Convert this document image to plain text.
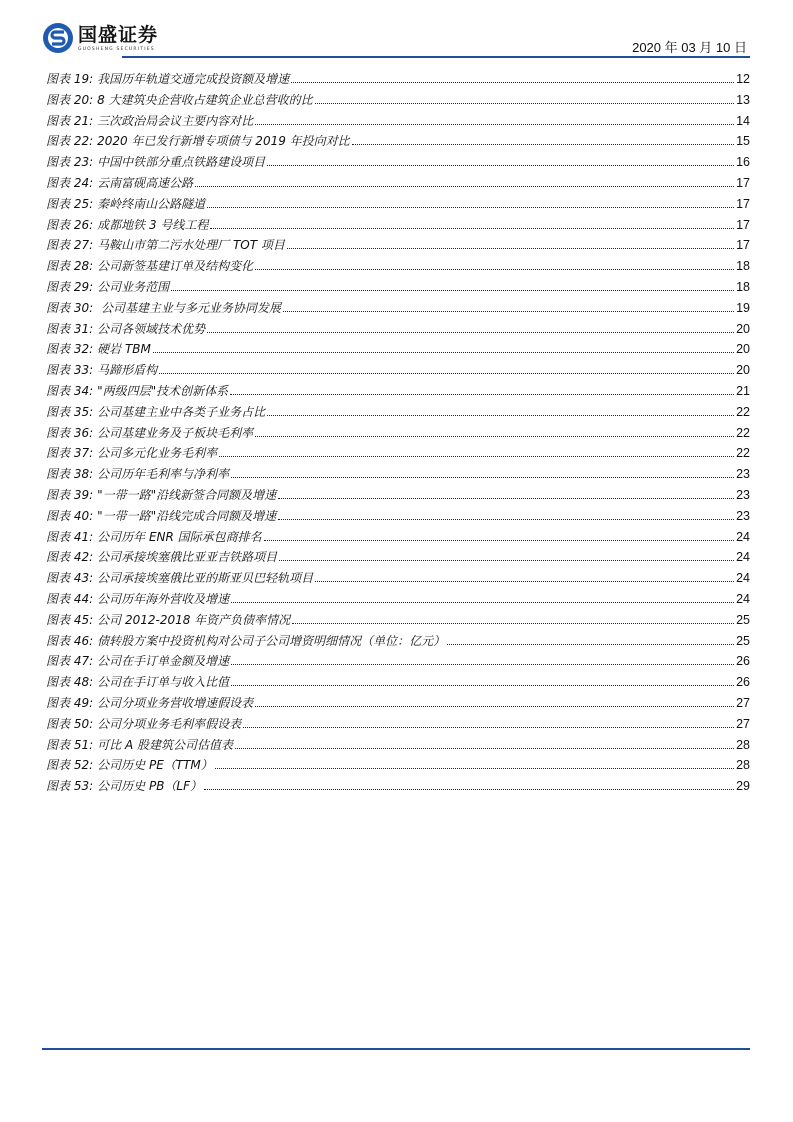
国盛证券
GUOSHENG SECURITIES	2020 年 03 月 10 日
图表 19: 我国历年轨道交通完成投资额及增速	12
图表 20: 8 大建筑央企营收占建筑企业总营收的比	13
图表 21: 三次政治局会议主要内容对比	14
图表 22: 2020 年已发行新增专项债与 2019 年投向对比	15
图表 23: 中国中铁部分重点铁路建设项目	16
图表 24: 云南富砚高速公路	17
图表 25: 秦岭终南山公路隧道	17
图表 26: 成都地铁 3 号线工程	17
图表 27: 马鞍山市第二污水处理厂 TOT 项目	17
图表 28: 公司新签基建订单及结构变化	18
图表 29: 公司业务范围	18
图表 30: 公司基建主业与多元业务协同发展	19
图表 31: 公司各领域技术优势	20
图表 32: 硬岩 TBM	20
图表 33: 马蹄形盾构	20
图表 34: "两级四层"技术创新体系	21
图表 35: 公司基建主业中各类子业务占比	22
图表 36: 公司基建业务及子板块毛利率	22
图表 37: 公司多元化业务毛利率	22
图表 38: 公司历年毛利率与净利率	23
图表 39: "一带一路"沿线新签合同额及增速	23
图表 40: "一带一路"沿线完成合同额及增速	23
图表 41: 公司历年 ENR 国际承包商排名	24
图表 42: 公司承接埃塞俄比亚亚吉铁路项目	24
图表 43: 公司承接埃塞俄比亚的斯亚贝巴轻轨项目	24
图表 44: 公司历年海外营收及增速	24
图表 45: 公司 2012-2018 年资产负债率情况	25
图表 46: 债转股方案中投资机构对公司子公司增资明细情况（单位：亿元）	25
图表 47: 公司在手订单金额及增速	26
图表 48: 公司在手订单与收入比值	26
图表 49: 公司分项业务营收增速假设表	27
图表 50: 公司分项业务毛利率假设表	27
图表 51: 可比 A 股建筑公司估值表	28
图表 52: 公司历史 PE（TTM）	28
图表 53: 公司历史 PB（LF）	29
